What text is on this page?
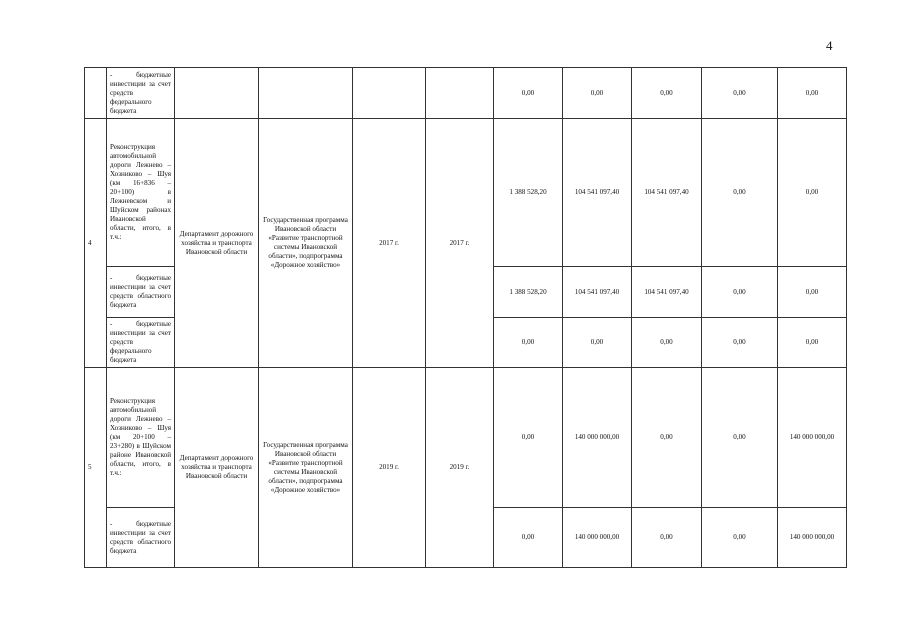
4
	- бюджетные инвестиции за счет средств федерального бюджета					0,00	0,00	0,00	0,00	0,00
4	Реконструкция автомобильной дороги Лежнево – Хозниково – Шуя (км 16+836 – 20+100) в Лежневском и Шуйском районах Ивановской области, итого, в т.ч.:	Департамент дорожного хозяйства и транспорта Ивановской области	Государственная программа Ивановской области «Развитие транспортной системы Ивановской области», подпрограмма «Дорожное хозяйство»	2017 г.	2017 г.	1 388 528,20	104 541 097,40	104 541 097,40	0,00	0,00
	- бюджетные инвестиции за счет средств областного бюджета					1 388 528,20	104 541 097,40	104 541 097,40	0,00	0,00
	- бюджетные инвестиции за счет средств федерального бюджета					0,00	0,00	0,00	0,00	0,00
5	Реконструкция автомобильной дороги Лежнево – Хозниково – Шуя (км 20+100 – 23+280) в Шуйском районе Ивановской области, итого, в т.ч.:	Департамент дорожного хозяйства и транспорта Ивановской области	Государственная программа Ивановской области «Развитие транспортной системы Ивановской области», подпрограмма «Дорожное хозяйство»	2019 г.	2019 г.	0,00	140 000 000,00	0,00	0,00	140 000 000,00
	- бюджетные инвестиции за счет средств областного бюджета					0,00	140 000 000,00	0,00	0,00	140 000 000,00
